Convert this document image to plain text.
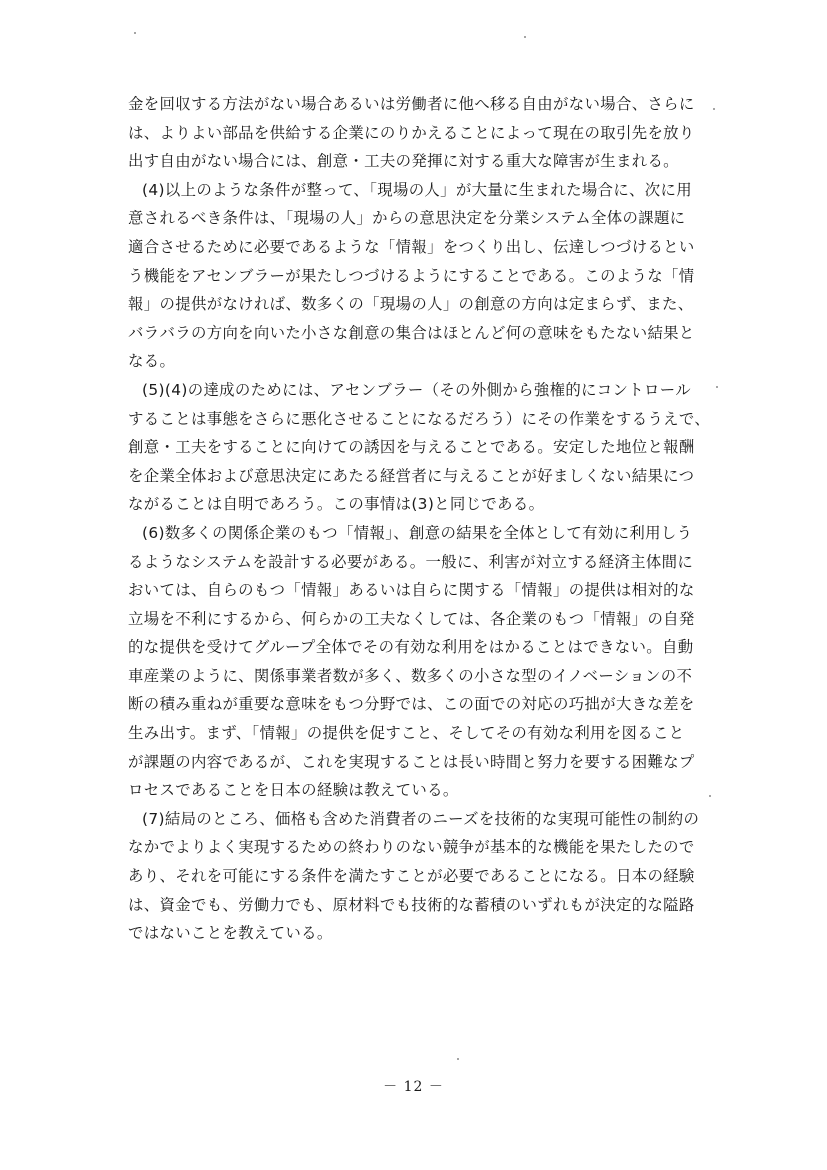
金を回収する方法がない場合あるいは労働者に他へ移る自由がない場合、さらに
は、よりよい部品を供給する企業にのりかえることによって現在の取引先を放り
出す自由がない場合には、創意・工夫の発揮に対する重大な障害が生まれる。
(4)以上のような条件が整って、「現場の人」が大量に生まれた場合に、次に用
意されるべき条件は、「現場の人」からの意思決定を分業システム全体の課題に
適合させるために必要であるような「情報」をつくり出し、伝達しつづけるとい
う機能をアセンブラーが果たしつづけるようにすることである。このような「情
報」の提供がなければ、数多くの「現場の人」の創意の方向は定まらず、また、
バラバラの方向を向いた小さな創意の集合はほとんど何の意味をもたない結果と
なる。
(5)(4)の達成のためには、アセンブラー（その外側から強権的にコントロール
することは事態をさらに悪化させることになるだろう）にその作業をするうえで、
創意・工夫をすることに向けての誘因を与えることである。安定した地位と報酬
を企業全体および意思決定にあたる経営者に与えることが好ましくない結果につ
ながることは自明であろう。この事情は(3)と同じである。
(6)数多くの関係企業のもつ「情報」、創意の結果を全体として有効に利用しう
るようなシステムを設計する必要がある。一般に、利害が対立する経済主体間に
おいては、自らのもつ「情報」あるいは自らに関する「情報」の提供は相対的な
立場を不利にするから、何らかの工夫なくしては、各企業のもつ「情報」の自発
的な提供を受けてグループ全体でその有効な利用をはかることはできない。自動
車産業のように、関係事業者数が多く、数多くの小さな型のイノベーションの不
断の積み重ねが重要な意味をもつ分野では、この面での対応の巧拙が大きな差を
生み出す。まず、「情報」の提供を促すこと、そしてその有効な利用を図ること
が課題の内容であるが、これを実現することは長い時間と努力を要する困難なプ
ロセスであることを日本の経験は教えている。
(7)結局のところ、価格も含めた消費者のニーズを技術的な実現可能性の制約の
なかでよりよく実現するための終わりのない競争が基本的な機能を果たしたので
あり、それを可能にする条件を満たすことが必要であることになる。日本の経験
は、資金でも、労働力でも、原材料でも技術的な蓄積のいずれもが決定的な隘路
ではないことを教えている。
－ 12 －
